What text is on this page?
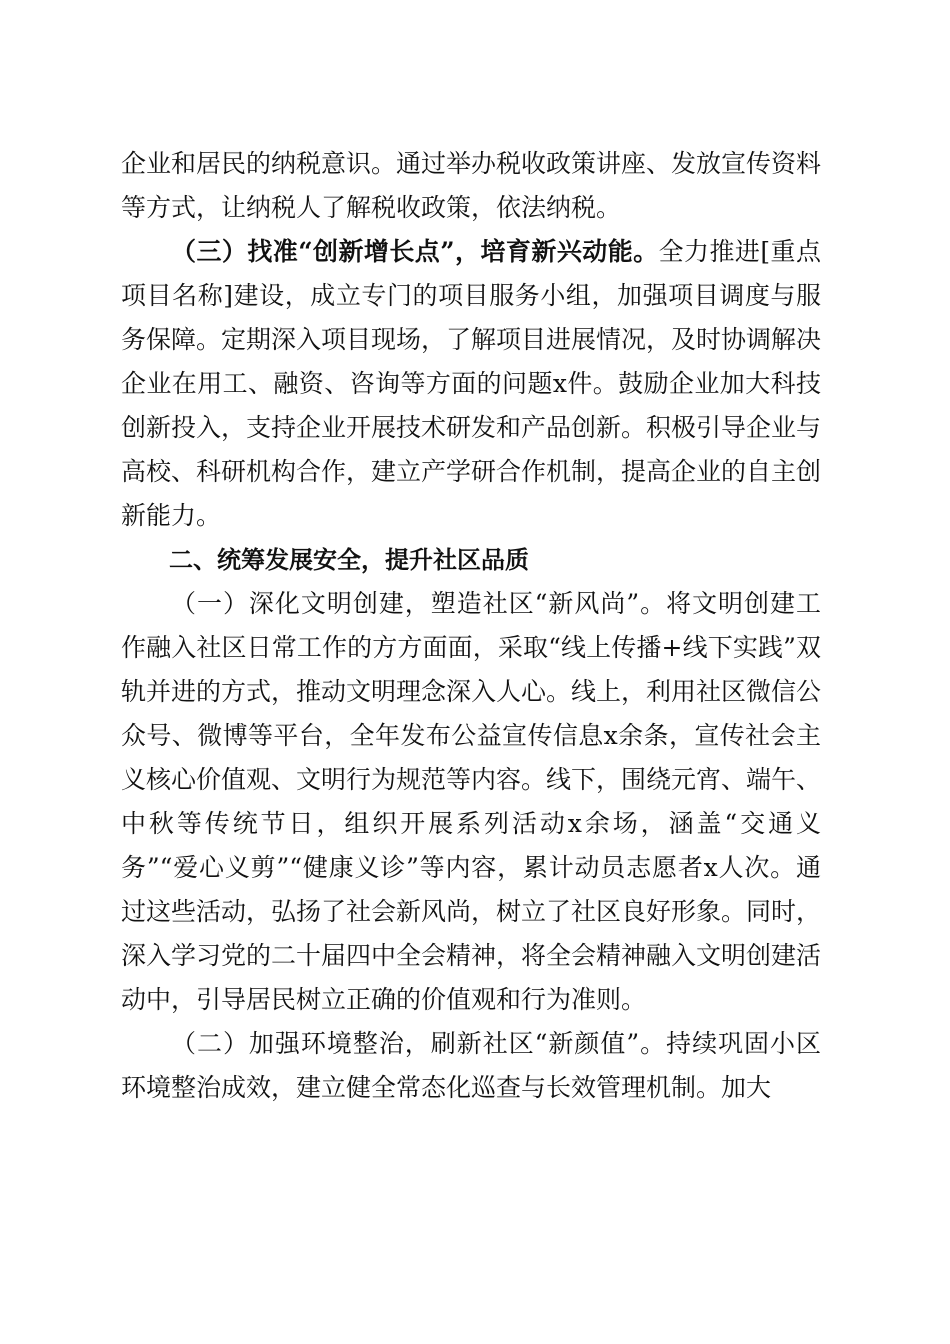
企业和居民的纳税意识。通过举办税收政策讲座、发放宣传资料等方式，让纳税人了解税收政策，依法纳税。

（三）找准“创新增长点”，培育新兴动能。全力推进[重点项目名称]建设，成立专门的项目服务小组，加强项目调度与服务保障。定期深入项目现场，了解项目进展情况，及时协调解决企业在用工、融资、咨询等方面的问题x件。鼓励企业加大科技创新投入，支持企业开展技术研发和产品创新。积极引导企业与高校、科研机构合作，建立产学研合作机制，提高企业的自主创新能力。

二、统筹发展安全，提升社区品质

（一）深化文明创建，塑造社区“新风尚”。将文明创建工作融入社区日常工作的方方面面，采取“线上传播+线下实践”双轨并进的方式，推动文明理念深入人心。线上，利用社区微信公众号、微博等平台，全年发布公益宣传信息x余条，宣传社会主义核心价值观、文明行为规范等内容。线下，围绕元宵、端午、中秋等传统节日，组织开展系列活动x余场，涵盖“交通义务”“爱心义剪”“健康义诊”等内容，累计动员志愿者x人次。通过这些活动，弘扬了社会新风尚，树立了社区良好形象。同时，深入学习党的二十届四中全会精神，将全会精神融入文明创建活动中，引导居民树立正确的价值观和行为准则。

（二）加强环境整治，刷新社区“新颜值”。持续巩固小区环境整治成效，建立健全常态化巡查与长效管理机制。加大
